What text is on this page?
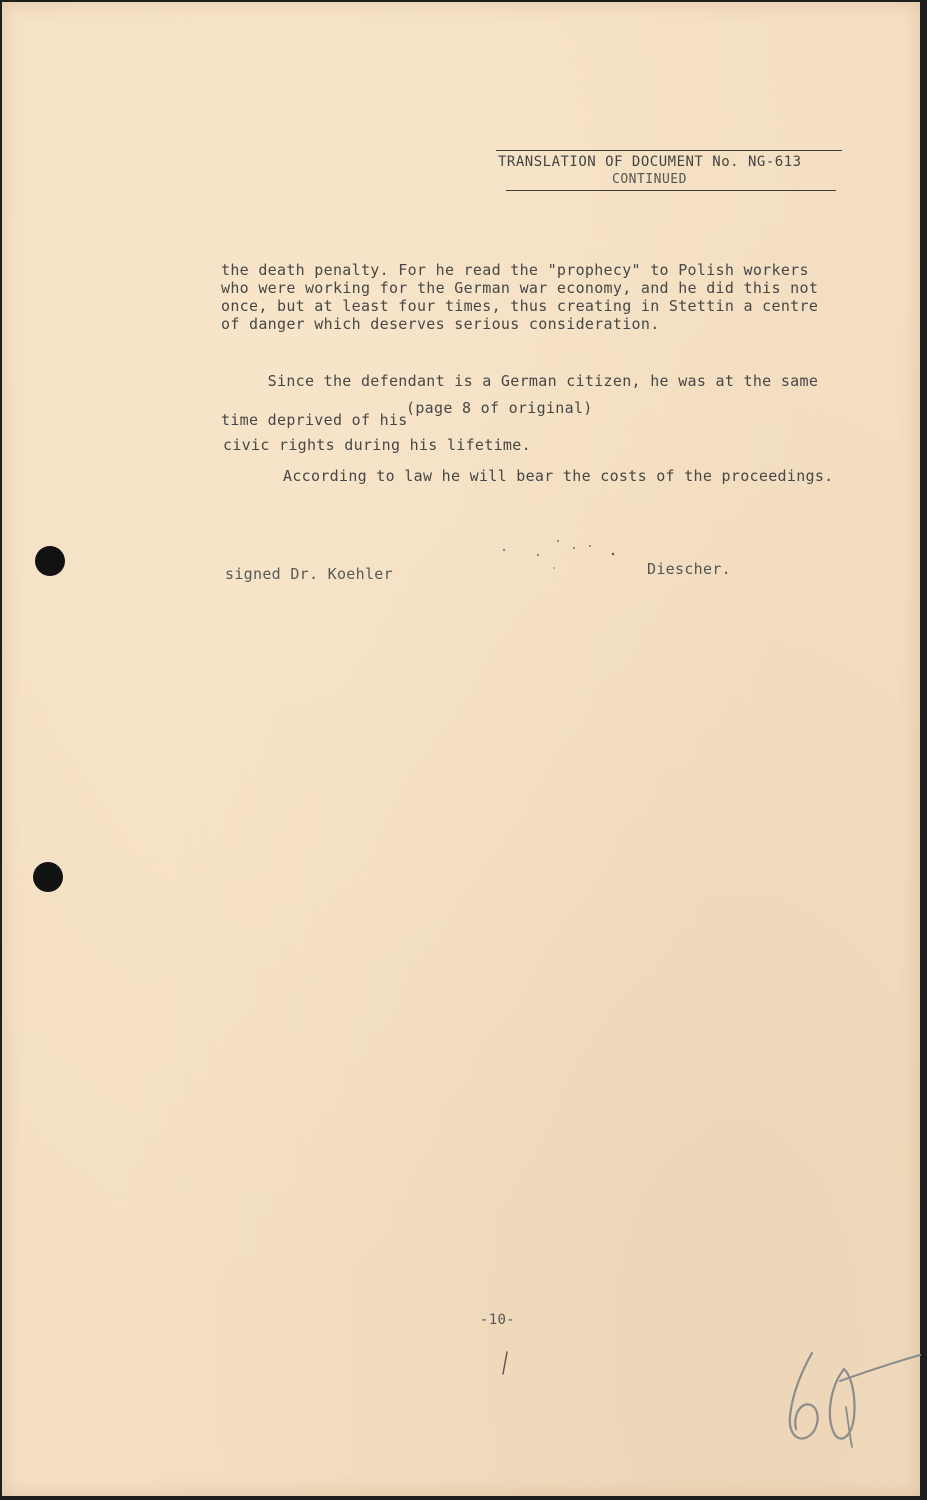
TRANSLATION OF DOCUMENT No. NG-613
CONTINUED
the death penalty. For he read the "prophecy" to Polish workers
who were working for the German war economy, and he did this not
once, but at least four times, thus creating in Stettin a centre
of danger which deserves serious consideration.

Since the defendant is a German citizen, he was at the same

time deprived of his

(page 8 of original)
civic rights during his lifetime.
According to law he will bear the costs of the proceedings.
signed Dr. Koehler	Diescher.
-10-
